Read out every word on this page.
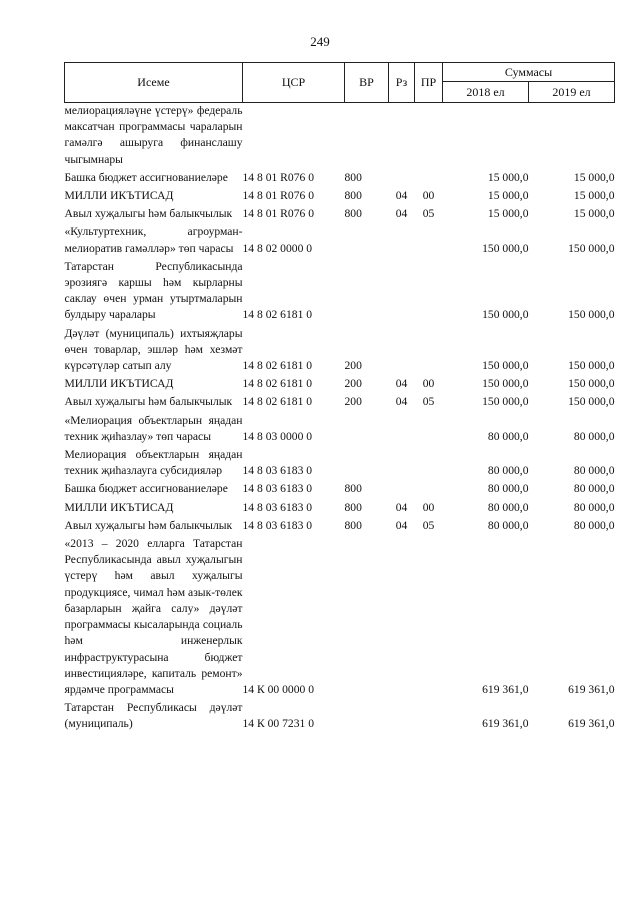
249
Исеме	ЦСР	ВР	Рз	ПР	Суммасы	
					2018 ел	2019 ел
мелиорацияләүне үстерү» федераль максатчан программасы чараларын гамәлгә ашыруга финанслашу чыгымнары						
Башка бюджет ассигнованиеләре	14 8 01 R076 0	800			15 000,0	15 000,0
МИЛЛИ ИКЪТИСАД	14 8 01 R076 0	800	04	00	15 000,0	15 000,0
Авыл хуҗалыгы һәм балыкчылык	14 8 01 R076 0	800	04	05	15 000,0	15 000,0
«Культуртехник, агроурман-мелиоратив гамәлләр» төп чарасы	14 8 02 0000 0				150 000,0	150 000,0
Татарстан Республикасында эрозиягә каршы һәм кырларны саклау өчен урман утыртмаларын булдыру чаралары	14 8 02 6181 0				150 000,0	150 000,0
Дәүләт (муниципаль) ихтыяҗлары өчен товарлар, эшләр һәм хезмәт күрсәтүләр сатып алу	14 8 02 6181 0	200			150 000,0	150 000,0
МИЛЛИ ИКЪТИСАД	14 8 02 6181 0	200	04	00	150 000,0	150 000,0
Авыл хуҗалыгы һәм балыкчылык	14 8 02 6181 0	200	04	05	150 000,0	150 000,0
«Мелиорация объектларын яңадан техник җиһазлау» төп чарасы	14 8 03 0000 0				80 000,0	80 000,0
Мелиорация объектларын яңадан техник җиһазлауга субсидияләр	14 8 03 6183 0				80 000,0	80 000,0
Башка бюджет ассигнованиеләре	14 8 03 6183 0	800			80 000,0	80 000,0
МИЛЛИ ИКЪТИСАД	14 8 03 6183 0	800	04	00	80 000,0	80 000,0
Авыл хуҗалыгы һәм балыкчылык	14 8 03 6183 0	800	04	05	80 000,0	80 000,0
«2013 – 2020 елларга Татарстан Республикасында авыл хуҗалыгын үстерү һәм авыл хуҗалыгы продукциясе, чимал һәм азык-төлек базарларын җайга салу» дәүләт программасы кысаларында социаль һәм инженерлык инфраструктурасына бюджет инвестицияләре, капиталь ремонт» ярдәмче программасы	14 К 00 0000 0				619 361,0	619 361,0
Татарстан Республикасы дәүләт (муниципаль)	14 К 00 7231 0				619 361,0	619 361,0
